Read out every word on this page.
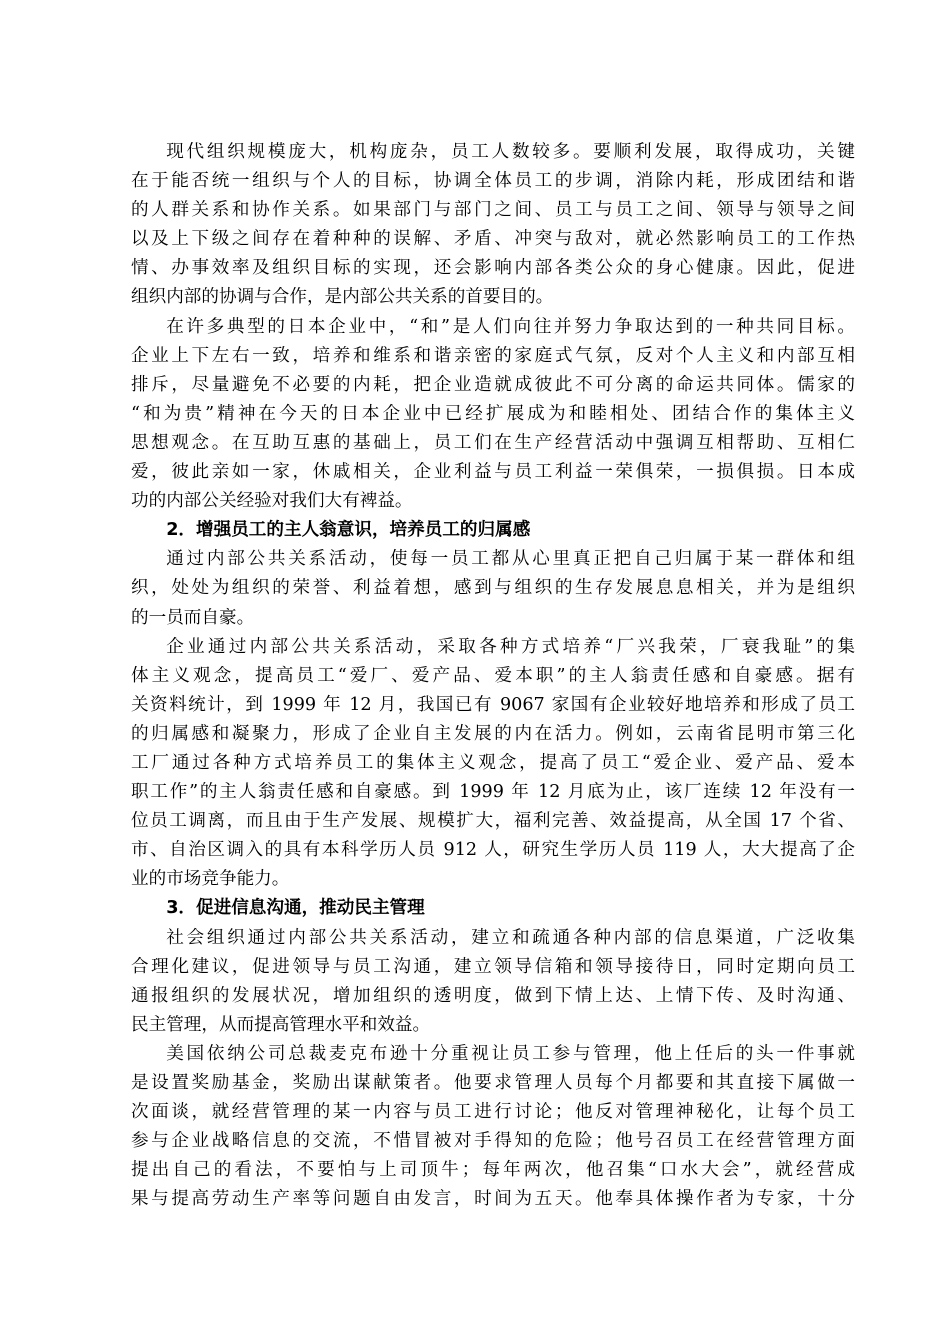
现代组织规模庞大，机构庞杂，员工人数较多。要顺利发展，取得成功，关键
在于能否统一组织与个人的目标，协调全体员工的步调，消除内耗，形成团结和谐
的人群关系和协作关系。如果部门与部门之间、员工与员工之间、领导与领导之间
以及上下级之间存在着种种的误解、矛盾、冲突与敌对，就必然影响员工的工作热
情、办事效率及组织目标的实现，还会影响内部各类公众的身心健康。因此，促进
组织内部的协调与合作，是内部公共关系的首要目的。
在许多典型的日本企业中，“和”是人们向往并努力争取达到的一种共同目标。
企业上下左右一致，培养和维系和谐亲密的家庭式气氛，反对个人主义和内部互相
排斥，尽量避免不必要的内耗，把企业造就成彼此不可分离的命运共同体。儒家的
“和为贵”精神在今天的日本企业中已经扩展成为和睦相处、团结合作的集体主义
思想观念。在互助互惠的基础上，员工们在生产经营活动中强调互相帮助、互相仁
爱，彼此亲如一家，休戚相关，企业利益与员工利益一荣俱荣，一损俱损。日本成
功的内部公关经验对我们大有裨益。
2．增强员工的主人翁意识，培养员工的归属感
通过内部公共关系活动，使每一员工都从心里真正把自己归属于某一群体和组
织，处处为组织的荣誉、利益着想，感到与组织的生存发展息息相关，并为是组织
的一员而自豪。
企业通过内部公共关系活动，采取各种方式培养“厂兴我荣，厂衰我耻”的集
体主义观念，提高员工“爱厂、爱产品、爱本职”的主人翁责任感和自豪感。据有
关资料统计，到 1999 年 12 月，我国已有 9067 家国有企业较好地培养和形成了员工
的归属感和凝聚力，形成了企业自主发展的内在活力。例如，云南省昆明市第三化
工厂通过各种方式培养员工的集体主义观念，提高了员工“爱企业、爱产品、爱本
职工作”的主人翁责任感和自豪感。到 1999 年 12 月底为止，该厂连续 12 年没有一
位员工调离，而且由于生产发展、规模扩大，福利完善、效益提高，从全国 17 个省、
市、自治区调入的具有本科学历人员 912 人，研究生学历人员 119 人，大大提高了企
业的市场竞争能力。
3．促进信息沟通，推动民主管理
社会组织通过内部公共关系活动，建立和疏通各种内部的信息渠道，广泛收集
合理化建议，促进领导与员工沟通，建立领导信箱和领导接待日，同时定期向员工
通报组织的发展状况，增加组织的透明度，做到下情上达、上情下传、及时沟通、
民主管理，从而提高管理水平和效益。
美国依纳公司总裁麦克布逊十分重视让员工参与管理，他上任后的头一件事就
是设置奖励基金，奖励出谋献策者。他要求管理人员每个月都要和其直接下属做一
次面谈，就经营管理的某一内容与员工进行讨论；他反对管理神秘化，让每个员工
参与企业战略信息的交流，不惜冒被对手得知的危险；他号召员工在经营管理方面
提出自己的看法，不要怕与上司顶牛；每年两次，他召集“口水大会”，就经营成
果与提高劳动生产率等问题自由发言，时间为五天。他奉具体操作者为专家，十分
